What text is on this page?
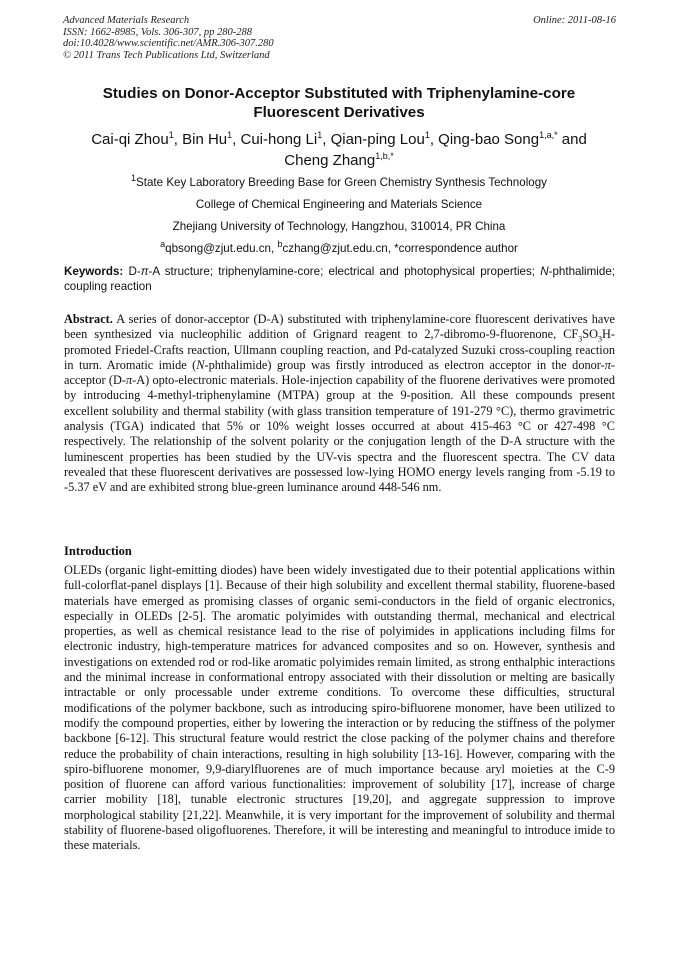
Advanced Materials Research
ISSN: 1662-8985, Vols. 306-307, pp 280-288
doi:10.4028/www.scientific.net/AMR.306-307.280
© 2011 Trans Tech Publications Ltd, Switzerland
Online: 2011-08-16
Studies on Donor-Acceptor Substituted with Triphenylamine-core
Fluorescent Derivatives
Cai-qi Zhou$^1$, Bin Hu$^1$, Cui-hong Li$^1$, Qian-ping Lou$^1$, Qing-bao Song$^{1,a,*}$ and
Cheng Zhang$^{1,b,*}$
$^1$State Key Laboratory Breeding Base for Green Chemistry Synthesis Technology
College of Chemical Engineering and Materials Science
Zhejiang University of Technology, Hangzhou, 310014, PR China
$^a$qbsong@zjut.edu.cn, $^b$czhang@zjut.edu.cn, *correspondence author
Keywords: D-π-A structure; triphenylamine-core; electrical and photophysical properties; N-phthalimide; coupling reaction
Abstract. A series of donor-acceptor (D-A) substituted with triphenylamine-core fluorescent derivatives have been synthesized via nucleophilic addition of Grignard reagent to 2,7-dibromo-9-fluorenone, $CF_3SO_3H$-promoted Friedel-Crafts reaction, Ullmann coupling reaction, and Pd-catalyzed Suzuki cross-coupling reaction in turn. Aromatic imide (N-phthalimide) group was firstly introduced as electron acceptor in the donor-π-acceptor (D-π-A) opto-electronic materials. Hole-injection capability of the fluorene derivatives were promoted by introducing 4-methyl-triphenylamine (MTPA) group at the 9-position. All these compounds present excellent solubility and thermal stability (with glass transition temperature of 191-279 °C), thermo gravimetric analysis (TGA) indicated that 5% or 10% weight losses occurred at about 415-463 °C or 427-498 °C respectively. The relationship of the solvent polarity or the conjugation length of the D-A structure with the luminescent properties has been studied by the UV-vis spectra and the fluorescent spectra. The CV data revealed that these fluorescent derivatives are possessed low-lying HOMO energy levels ranging from -5.19 to -5.37 eV and are exhibited strong blue-green luminance around 448-546 nm.
Introduction
OLEDs (organic light-emitting diodes) have been widely investigated due to their potential applications within full-colorflat-panel displays [1]. Because of their high solubility and excellent thermal stability, fluorene-based materials have emerged as promising classes of organic semi-conductors in the field of organic electronics, especially in OLEDs [2-5]. The aromatic polyimides with outstanding thermal, mechanical and electrical properties, as well as chemical resistance lead to the rise of polyimides in applications including films for electronic industry, high-temperature matrices for advanced composites and so on. However, synthesis and investigations on extended rod or rod-like aromatic polyimides remain limited, as strong enthalphic interactions and the minimal increase in conformational entropy associated with their dissolution or melting are basically intractable or only processable under extreme conditions. To overcome these difficulties, structural modifications of the polymer backbone, such as introducing spiro-bifluorene monomer, have been utilized to modify the compound properties, either by lowering the interaction or by reducing the stiffness of the polymer backbone [6-12]. This structural feature would restrict the close packing of the polymer chains and therefore reduce the probability of chain interactions, resulting in high solubility [13-16]. However, comparing with the spiro-bifluorene monomer, 9,9-diarylfluorenes are of much importance because aryl moieties at the C-9 position of fluorene can afford various functionalities: improvement of solubility [17], increase of charge carrier mobility [18], tunable electronic structures [19,20], and aggregate suppression to improve morphological stability [21,22]. Meanwhile, it is very important for the improvement of solubility and thermal stability of fluorene-based oligofluorenes. Therefore, it will be interesting and meaningful to introduce imide to these materials.
